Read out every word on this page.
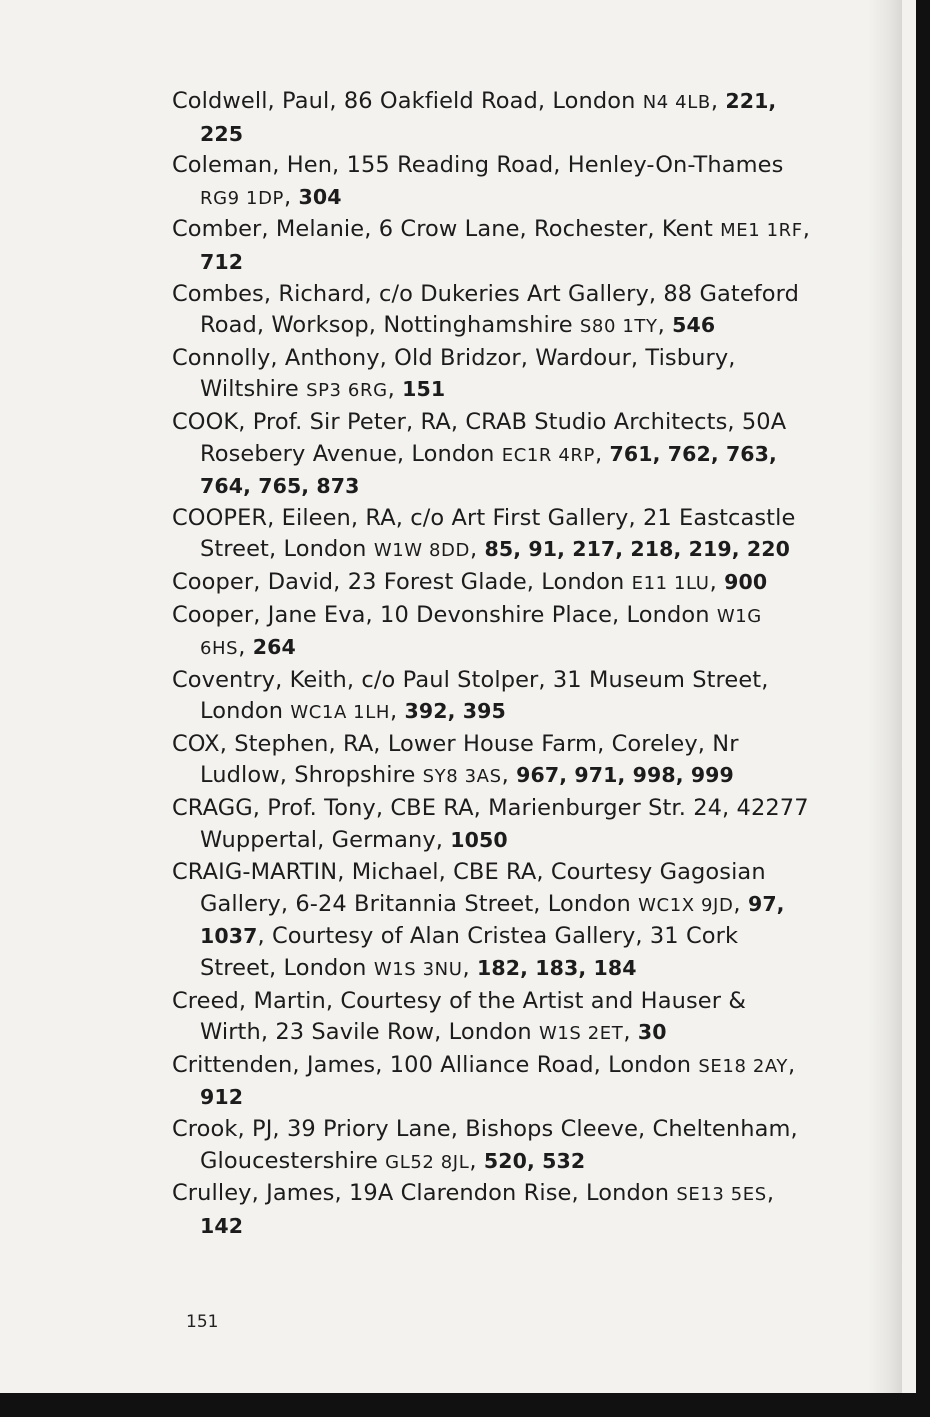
Coldwell, Paul, 86 Oakfield Road, London N4 4LB, 221, 225

Coleman, Hen, 155 Reading Road, Henley-On-Thames RG9 1DP, 304

Comber, Melanie, 6 Crow Lane, Rochester, Kent ME1 1RF, 712

Combes, Richard, c/o Dukeries Art Gallery, 88 Gateford Road, Worksop, Nottinghamshire S80 1TY, 546

Connolly, Anthony, Old Bridzor, Wardour, Tisbury, Wiltshire SP3 6RG, 151

COOK, Prof. Sir Peter, RA, CRAB Studio Architects, 50A Rosebery Avenue, London EC1R 4RP, 761, 762, 763, 764, 765, 873

COOPER, Eileen, RA, c/o Art First Gallery, 21 Eastcastle Street, London W1W 8DD, 85, 91, 217, 218, 219, 220

Cooper, David, 23 Forest Glade, London E11 1LU, 900

Cooper, Jane Eva, 10 Devonshire Place, London W1G 6HS, 264

Coventry, Keith, c/o Paul Stolper, 31 Museum Street, London WC1A 1LH, 392, 395

COX, Stephen, RA, Lower House Farm, Coreley, Nr Ludlow, Shropshire SY8 3AS, 967, 971, 998, 999

CRAGG, Prof. Tony, CBE RA, Marienburger Str. 24, 42277 Wuppertal, Germany, 1050

CRAIG-MARTIN, Michael, CBE RA, Courtesy Gagosian Gallery, 6-24 Britannia Street, London WC1X 9JD, 97, 1037, Courtesy of Alan Cristea Gallery, 31 Cork Street, London W1S 3NU, 182, 183, 184

Creed, Martin, Courtesy of the Artist and Hauser & Wirth, 23 Savile Row, London W1S 2ET, 30

Crittenden, James, 100 Alliance Road, London SE18 2AY, 912

Crook, PJ, 39 Priory Lane, Bishops Cleeve, Cheltenham, Gloucestershire GL52 8JL, 520, 532

Crulley, James, 19A Clarendon Rise, London SE13 5ES, 142

151
